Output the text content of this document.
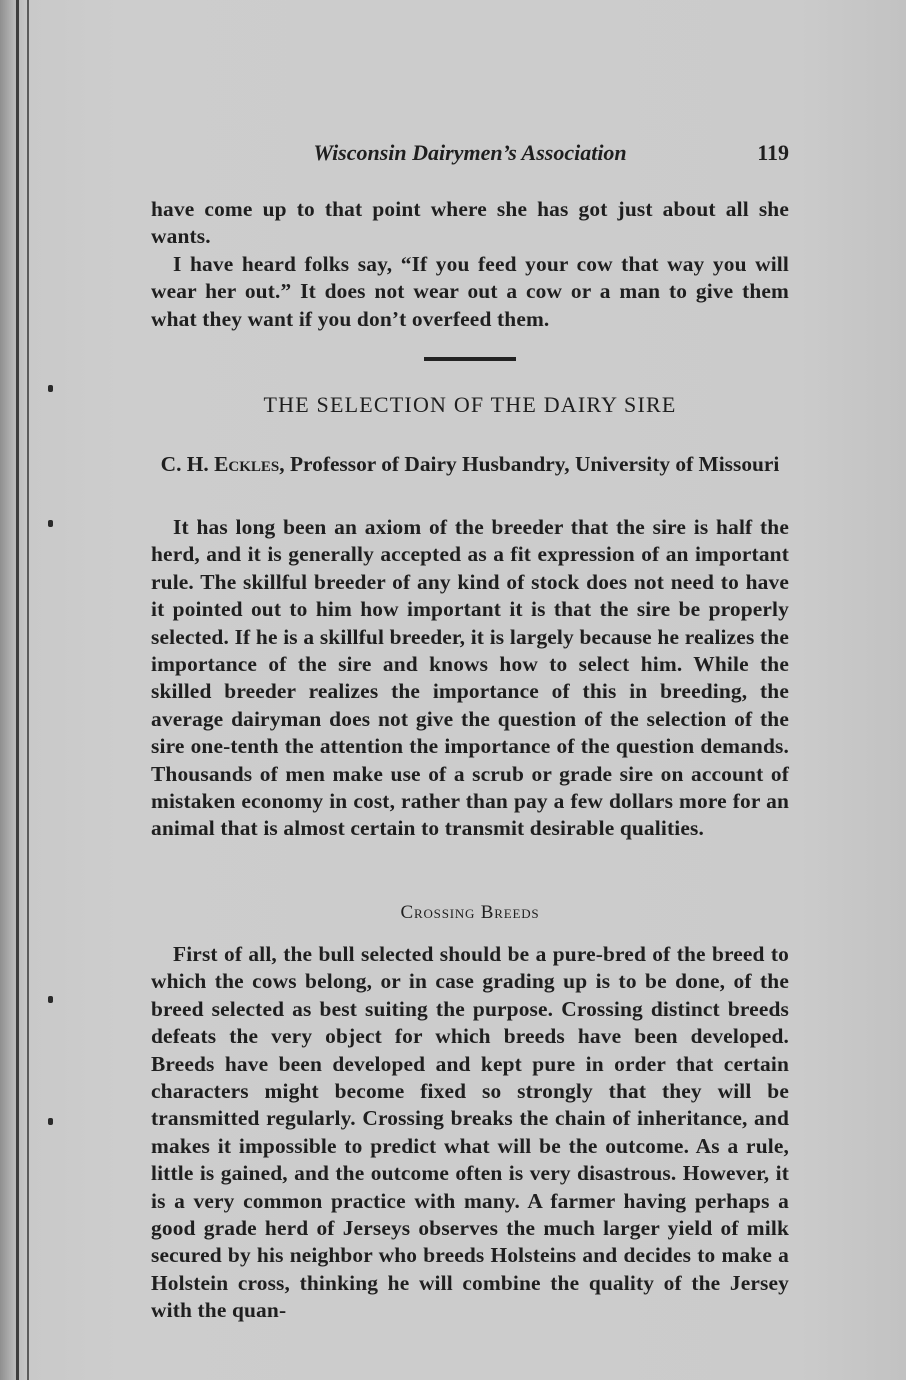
Wisconsin Dairymen’s Association	119

have come up to that point where she has got just about all she wants.

I have heard folks say, “If you feed your cow that way you will wear her out.” It does not wear out a cow or a man to give them what they want if you don’t overfeed them.

THE SELECTION OF THE DAIRY SIRE
C. H. Eckles, Professor of Dairy Husbandry, University of Missouri

It has long been an axiom of the breeder that the sire is half the herd, and it is generally accepted as a fit expression of an important rule. The skillful breeder of any kind of stock does not need to have it pointed out to him how important it is that the sire be properly selected. If he is a skillful breeder, it is largely because he realizes the importance of the sire and knows how to select him. While the skilled breeder realizes the importance of this in breeding, the average dairyman does not give the question of the selection of the sire one-tenth the attention the importance of the question demands. Thousands of men make use of a scrub or grade sire on account of mistaken economy in cost, rather than pay a few dollars more for an animal that is almost certain to transmit desirable qualities.

Crossing Breeds

First of all, the bull selected should be a pure-bred of the breed to which the cows belong, or in case grading up is to be done, of the breed selected as best suiting the purpose. Crossing distinct breeds defeats the very object for which breeds have been developed. Breeds have been developed and kept pure in order that certain characters might become fixed so strongly that they will be transmitted regularly. Crossing breaks the chain of inheritance, and makes it impossible to predict what will be the outcome. As a rule, little is gained, and the outcome often is very disastrous. However, it is a very common practice with many. A farmer having perhaps a good grade herd of Jerseys observes the much larger yield of milk secured by his neighbor who breeds Holsteins and decides to make a Holstein cross, thinking he will combine the quality of the Jersey with the quan-
